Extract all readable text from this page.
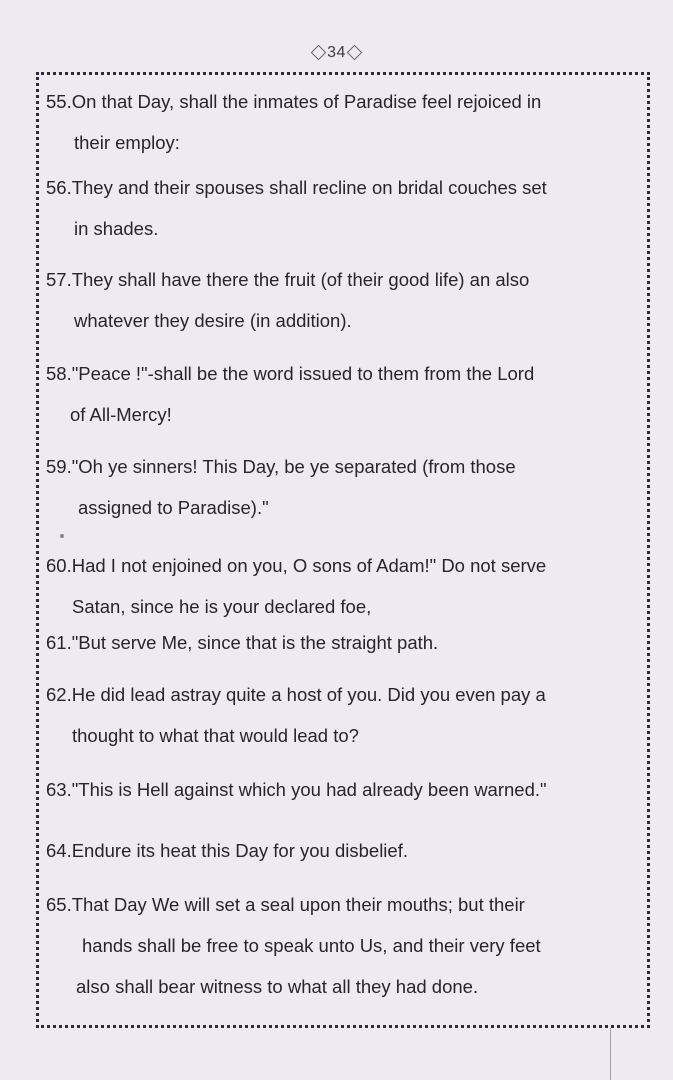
34
55.On that Day, shall the inmates of Paradise feel rejoiced in
their employ:
56.They and their spouses shall recline on bridal couches set
in shades.
57.They shall have there the fruit (of their good life) an also
whatever they desire (in addition).
58."Peace !"-shall be the word issued to them from the Lord
of All-Mercy!
59."Oh ye sinners! This Day, be ye separated (from those
assigned to Paradise)."
60.Had I not enjoined on you, O sons of Adam!" Do not serve
Satan, since he is your declared foe,
61."But serve Me, since that is the straight path.
62.He did lead astray quite a host of you. Did you even pay a
thought to what that would lead to?
63."This is Hell against which you had already been warned."
64.Endure its heat this Day for you disbelief.
65.That Day We will set a seal upon their mouths; but their
hands shall be free to speak unto Us, and their very feet
also shall bear witness to what all they had done.
